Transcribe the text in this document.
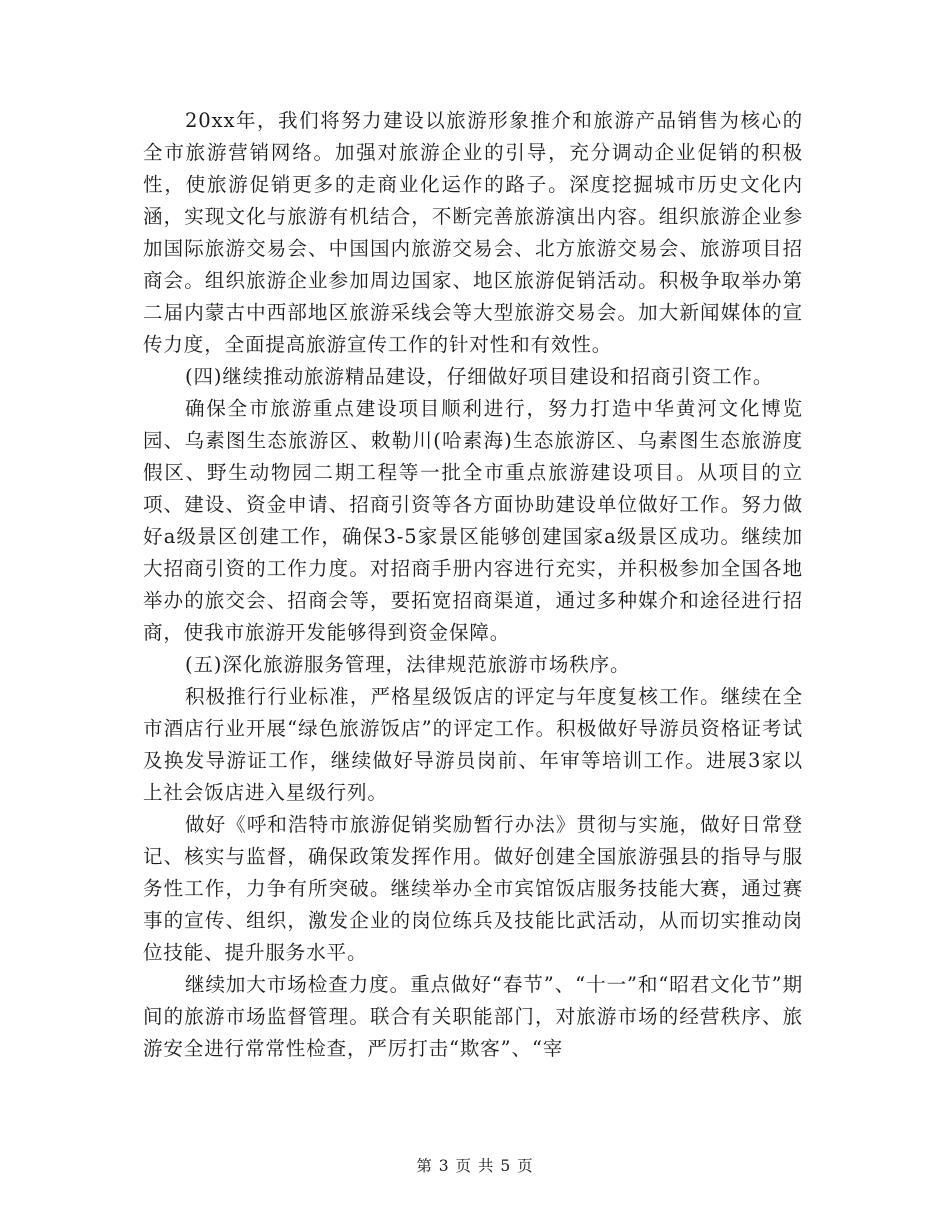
20xx年，我们将努力建设以旅游形象推介和旅游产品销售为核心的全市旅游营销网络。加强对旅游企业的引导，充分调动企业促销的积极性，使旅游促销更多的走商业化运作的路子。深度挖掘城市历史文化内涵，实现文化与旅游有机结合，不断完善旅游演出内容。组织旅游企业参加国际旅游交易会、中国国内旅游交易会、北方旅游交易会、旅游项目招商会。组织旅游企业参加周边国家、地区旅游促销活动。积极争取举办第二届内蒙古中西部地区旅游采线会等大型旅游交易会。加大新闻媒体的宣传力度，全面提高旅游宣传工作的针对性和有效性。

(四)继续推动旅游精品建设，仔细做好项目建设和招商引资工作。

确保全市旅游重点建设项目顺利进行，努力打造中华黄河文化博览园、乌素图生态旅游区、敕勒川(哈素海)生态旅游区、乌素图生态旅游度假区、野生动物园二期工程等一批全市重点旅游建设项目。从项目的立项、建设、资金申请、招商引资等各方面协助建设单位做好工作。努力做好a级景区创建工作，确保3-5家景区能够创建国家a级景区成功。继续加大招商引资的工作力度。对招商手册内容进行充实，并积极参加全国各地举办的旅交会、招商会等，要拓宽招商渠道，通过多种媒介和途径进行招商，使我市旅游开发能够得到资金保障。

(五)深化旅游服务管理，法律规范旅游市场秩序。

积极推行行业标准，严格星级饭店的评定与年度复核工作。继续在全市酒店行业开展“绿色旅游饭店”的评定工作。积极做好导游员资格证考试及换发导游证工作，继续做好导游员岗前、年审等培训工作。进展3家以上社会饭店进入星级行列。

做好《呼和浩特市旅游促销奖励暂行办法》贯彻与实施，做好日常登记、核实与监督，确保政策发挥作用。做好创建全国旅游强县的指导与服务性工作，力争有所突破。继续举办全市宾馆饭店服务技能大赛，通过赛事的宣传、组织，激发企业的岗位练兵及技能比武活动，从而切实推动岗位技能、提升服务水平。

继续加大市场检查力度。重点做好“春节”、“十一”和“昭君文化节”期间的旅游市场监督管理。联合有关职能部门，对旅游市场的经营秩序、旅游安全进行常常性检查，严厉打击“欺客”、“宰

第 3 页 共 5 页
